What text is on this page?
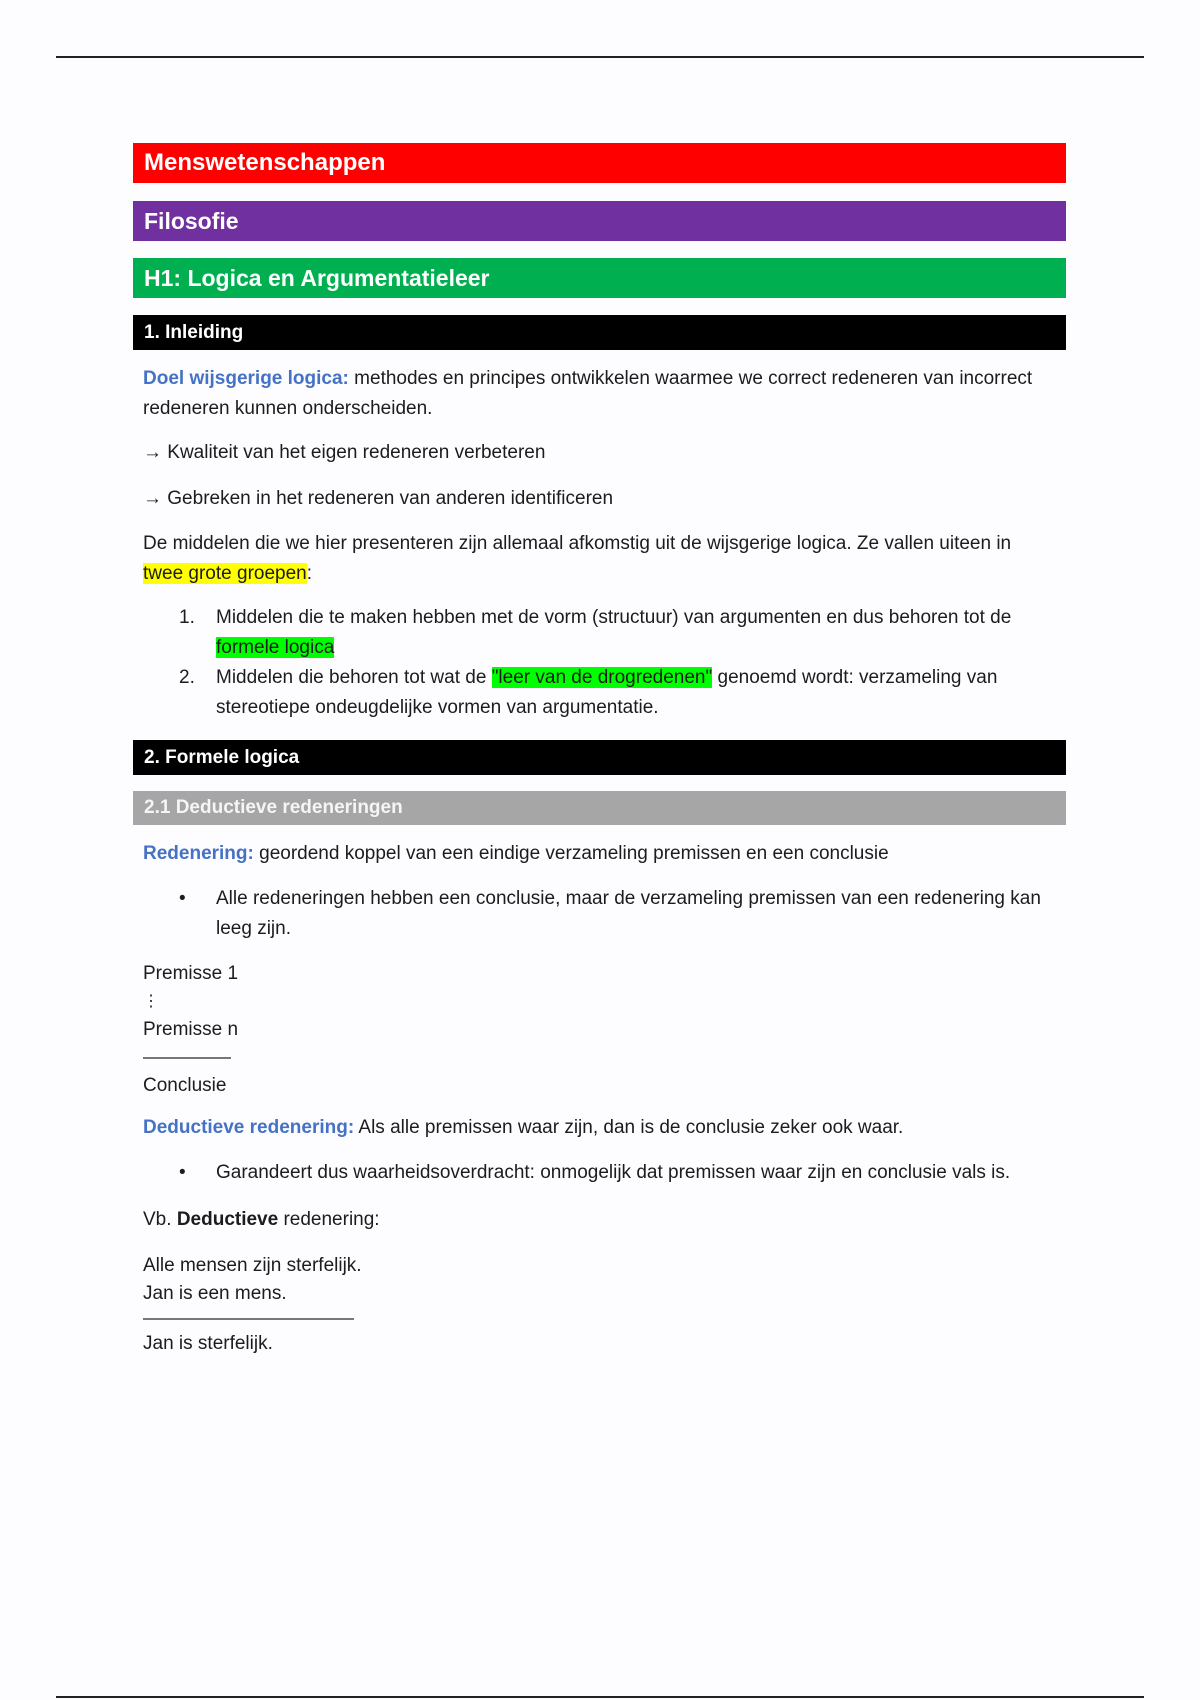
Menswetenschappen
Filosofie
H1: Logica en Argumentatieleer
1. Inleiding

Doel wijsgerige logica: methodes en principes ontwikkelen waarmee we correct redeneren van incorrect redeneren kunnen onderscheiden.

→ Kwaliteit van het eigen redeneren verbeteren

→ Gebreken in het redeneren van anderen identificeren

De middelen die we hier presenteren zijn allemaal afkomstig uit de wijsgerige logica. Ze vallen uiteen in twee grote groepen:

1. Middelen die te maken hebben met de vorm (structuur) van argumenten en dus behoren tot de formele logica
2. Middelen die behoren tot wat de "leer van de drogredenen" genoemd wordt: verzameling van stereotiepe ondeugdelijke vormen van argumentatie.
2. Formele logica
2.1 Deductieve redeneringen

Redenering: geordend koppel van een eindige verzameling premissen en een conclusie

• Alle redeneringen hebben een conclusie, maar de verzameling premissen van een redenering kan leeg zijn.

Premisse 1

⋮

Premisse n

Conclusie

Deductieve redenering: Als alle premissen waar zijn, dan is de conclusie zeker ook waar.

• Garandeert dus waarheidsoverdracht: onmogelijk dat premissen waar zijn en conclusie vals is.

Vb. Deductieve redenering:

Alle mensen zijn sterfelijk.

Jan is een mens.

Jan is sterfelijk.
